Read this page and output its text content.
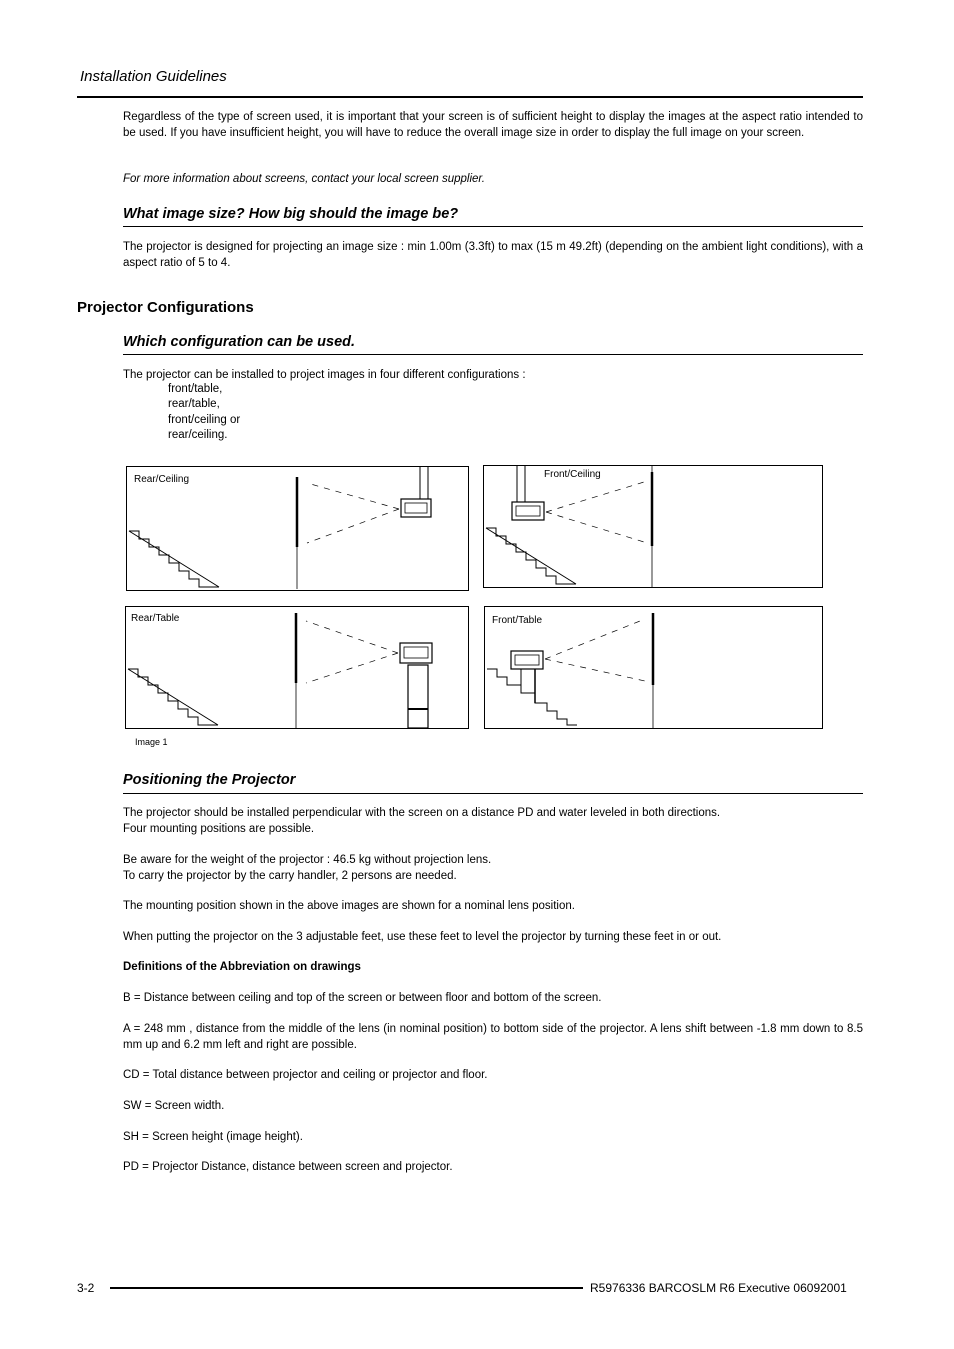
Installation Guidelines
Regardless of the type of screen used, it is important that your screen is of sufficient height to display the images at the aspect ratio intended to be used. If you have insufficient height, you will have to reduce the overall image size in order to display the full image on your screen.
For more information about screens, contact your local screen supplier.
What image size? How big should the image be?
The projector is designed for projecting an image size : min 1.00m (3.3ft) to max (15 m 49.2ft) (depending on the ambient light conditions), with a aspect ratio of 5 to 4.
Projector Configurations
Which configuration can be used.
The projector can be installed to project images in four different configurations :
front/table,
rear/table,
front/ceiling or
rear/ceiling.
Rear/Ceiling	Front/Ceiling
Rear/Table	Front/Table
Image 1
Positioning the Projector

The projector should be installed perpendicular with the screen on a distance PD and water leveled in both directions.

Four mounting positions are possible.

Be aware for the weight of the projector : 46.5 kg without projection lens.

To carry the projector by the carry handler, 2 persons are needed.

The mounting position shown in the above images are shown for a nominal lens position.
When putting the projector on the 3 adjustable feet, use these feet to level the projector by turning these feet in or out.
Definitions of the Abbreviation on drawings
B = Distance between ceiling and top of the screen or between floor and bottom of the screen.
A = 248 mm , distance from the middle of the lens (in nominal position) to bottom side of the projector. A lens shift between -1.8 mm down to 8.5 mm up and 6.2 mm left and right are possible.
CD = Total distance between projector and ceiling or projector and floor.
SW = Screen width.
SH = Screen height (image height).
PD = Projector Distance, distance between screen and projector.
3-2	R5976336 BARCOSLM R6 Executive 06092001
